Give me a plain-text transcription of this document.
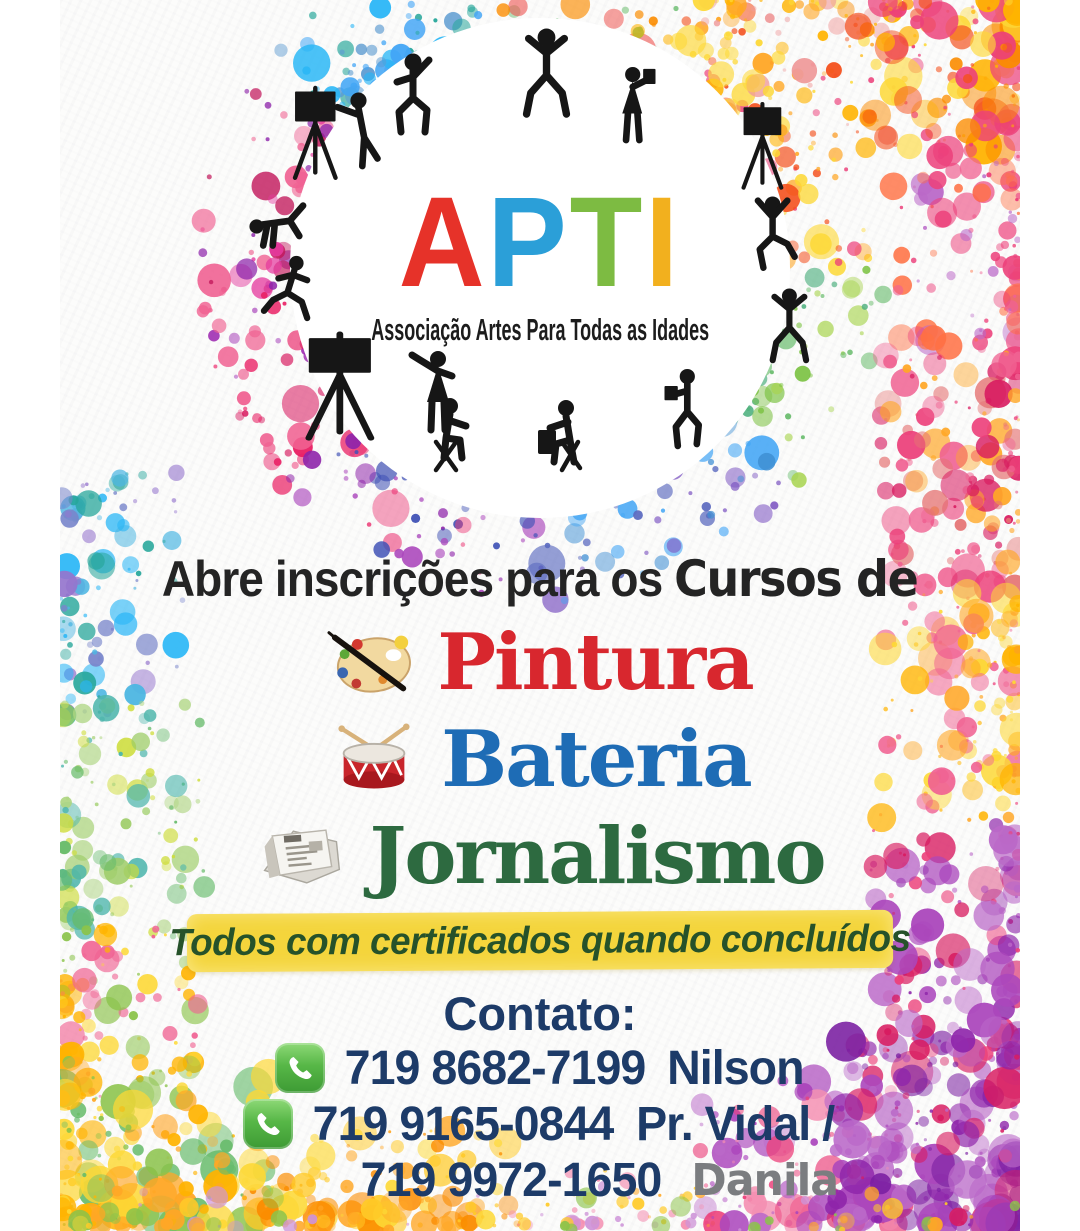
APTI
Associação Artes Para Todas as Idades
Abre inscrições para os Cursos de
Pintura
Bateria
Jornalismo
Todos com certificados quando concluídos
Contato:
719 8682-7199 Nilson
719 9165-0844 Pr. Vidal /
719 9972-1650 Danila
